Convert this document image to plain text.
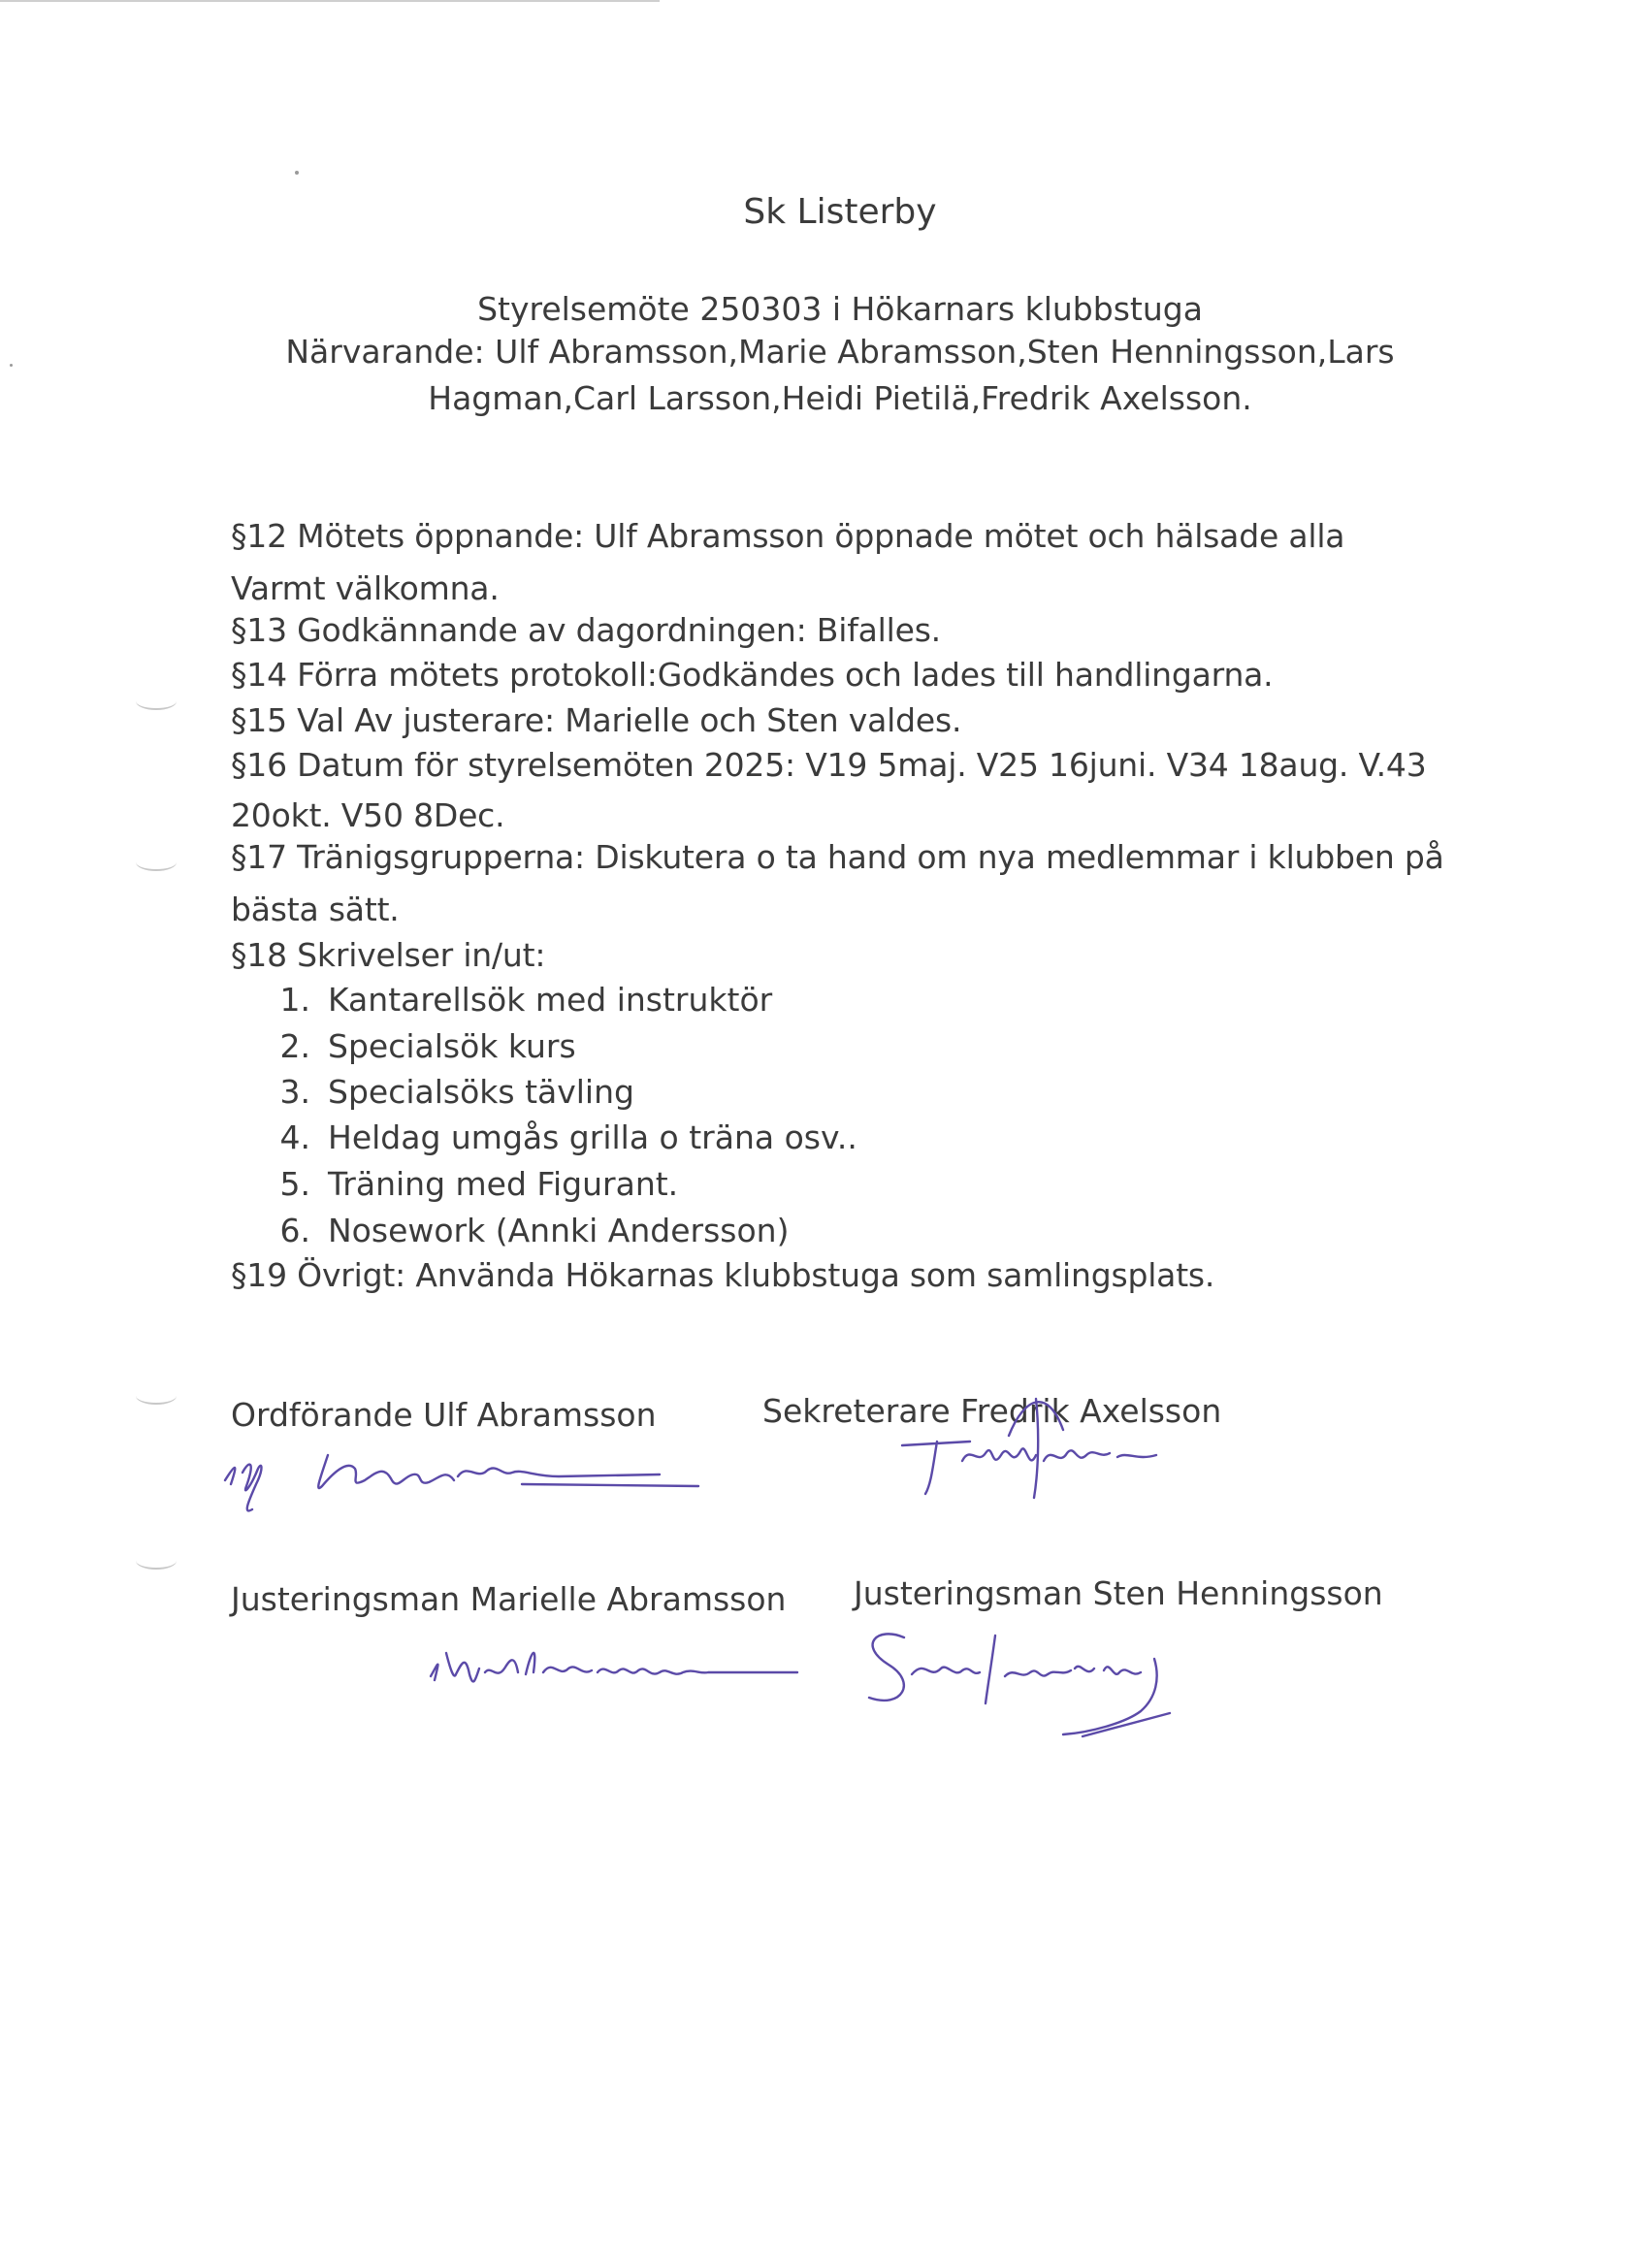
Sk Listerby
Styrelsemöte 250303 i Hökarnars klubbstuga
Närvarande: Ulf Abramsson,Marie Abramsson,Sten Henningsson,Lars
Hagman,Carl Larsson,Heidi Pietilä,Fredrik Axelsson.
§12 Mötets öppnande: Ulf Abramsson öppnade mötet och hälsade alla
Varmt välkomna.
§13 Godkännande av dagordningen: Bifalles.
§14 Förra mötets protokoll:Godkändes och lades till handlingarna.
§15 Val Av justerare: Marielle och Sten valdes.
§16 Datum för styrelsemöten 2025: V19 5maj. V25 16juni. V34 18aug. V.43
20okt. V50 8Dec.
§17 Tränigsgrupperna: Diskutera o ta hand om nya medlemmar i klubben på
bästa sätt.
§18 Skrivelser in/ut:
1. Kantarellsök med instruktör
2. Specialsök kurs
3. Specialsöks tävling
4. Heldag umgås grilla o träna osv..
5. Träning med Figurant.
6. Nosework (Annki Andersson)
§19 Övrigt: Använda Hökarnas klubbstuga som samlingsplats.
Ordförande Ulf Abramsson	Sekreterare Fredrik Axelsson
Justeringsman Marielle Abramsson Justeringsman Sten Henningsson
